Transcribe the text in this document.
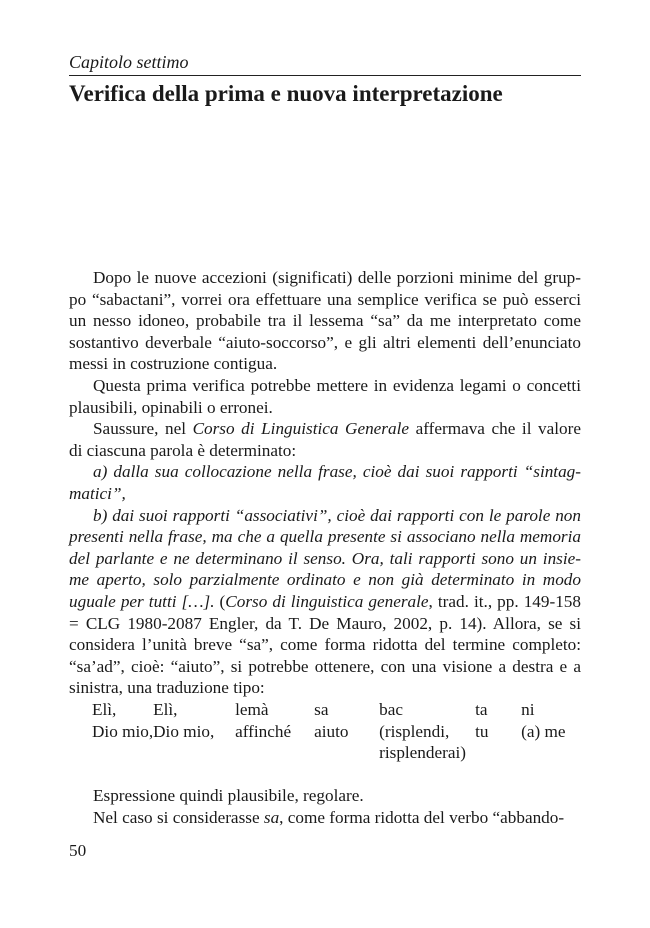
Capitolo settimo
Verifica della prima e nuova interpretazione
Dopo le nuove accezioni (significati) delle porzioni minime del grup-
po “sabactani”, vorrei ora effettuare una semplice verifica se può esserci
un nesso idoneo, probabile tra il lessema “sa” da me interpretato come
sostantivo deverbale “aiuto-soccorso”, e gli altri elementi dell’enunciato
messi in costruzione contigua.
Questa prima verifica potrebbe mettere in evidenza legami o concetti
plausibili, opinabili o erronei.
Saussure, nel Corso di Linguistica Generale affermava che il valore
di ciascuna parola è determinato:
a) dalla sua collocazione nella frase, cioè dai suoi rapporti “sintag-
matici”,
b) dai suoi rapporti “associativi”, cioè dai rapporti con le parole non
presenti nella frase, ma che a quella presente si associano nella memoria
del parlante e ne determinano il senso. Ora, tali rapporti sono un insie-
me aperto, solo parzialmente ordinato e non già determinato in modo
uguale per tutti […]. (Corso di linguistica generale, trad. it., pp. 149-158
= CLG 1980-2087 Engler, da T. De Mauro, 2002, p. 14). Allora, se si
considera l’unità breve “sa”, come forma ridotta del termine completo:
“sa’ad”, cioè: “aiuto”, si potrebbe ottenere, con una visione a destra e a
sinistra, una traduzione tipo:
Elì,	Elì,	lemà	sa	bac	ta	ni
Dio mio,	Dio mio,	affinché	aiuto	(risplendi, risplenderai)	tu	(a) me
Espressione quindi plausibile, regolare.
Nel caso si considerasse sa, come forma ridotta del verbo “abbando-
50
